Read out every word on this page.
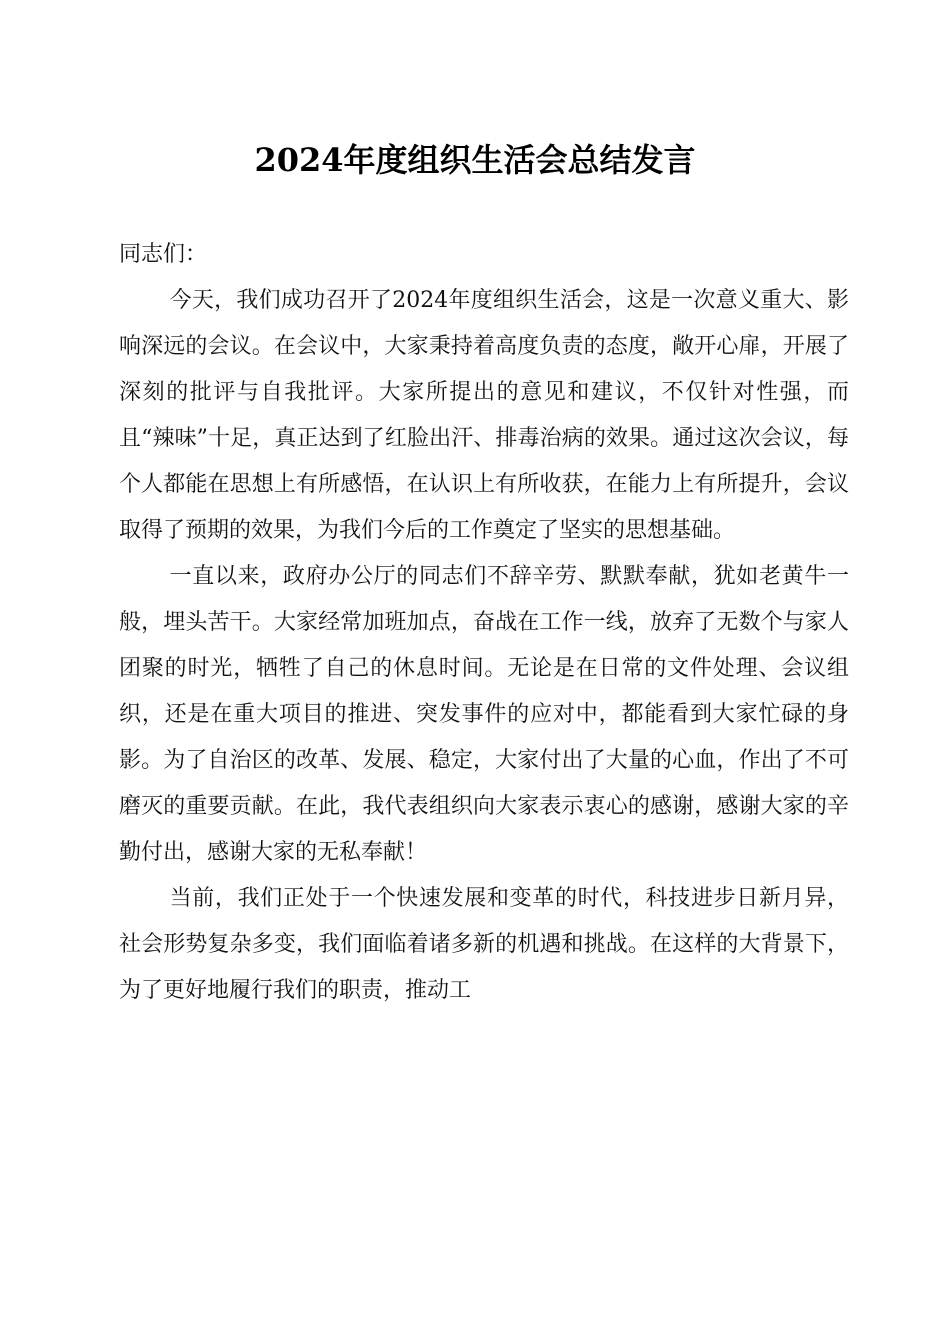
2024年度组织生活会总结发言

同志们：

今天，我们成功召开了2024年度组织生活会，这是一次意义重大、影响深远的会议。在会议中，大家秉持着高度负责的态度，敞开心扉，开展了深刻的批评与自我批评。大家所提出的意见和建议，不仅针对性强，而且“辣味”十足，真正达到了红脸出汗、排毒治病的效果。通过这次会议，每个人都能在思想上有所感悟，在认识上有所收获，在能力上有所提升，会议取得了预期的效果，为我们今后的工作奠定了坚实的思想基础。

一直以来，政府办公厅的同志们不辞辛劳、默默奉献，犹如老黄牛一般，埋头苦干。大家经常加班加点，奋战在工作一线，放弃了无数个与家人团聚的时光，牺牲了自己的休息时间。无论是在日常的文件处理、会议组织，还是在重大项目的推进、突发事件的应对中，都能看到大家忙碌的身影。为了自治区的改革、发展、稳定，大家付出了大量的心血，作出了不可磨灭的重要贡献。在此，我代表组织向大家表示衷心的感谢，感谢大家的辛勤付出，感谢大家的无私奉献！

当前，我们正处于一个快速发展和变革的时代，科技进步日新月异，社会形势复杂多变，我们面临着诸多新的机遇和挑战。在这样的大背景下，为了更好地履行我们的职责，推动工
